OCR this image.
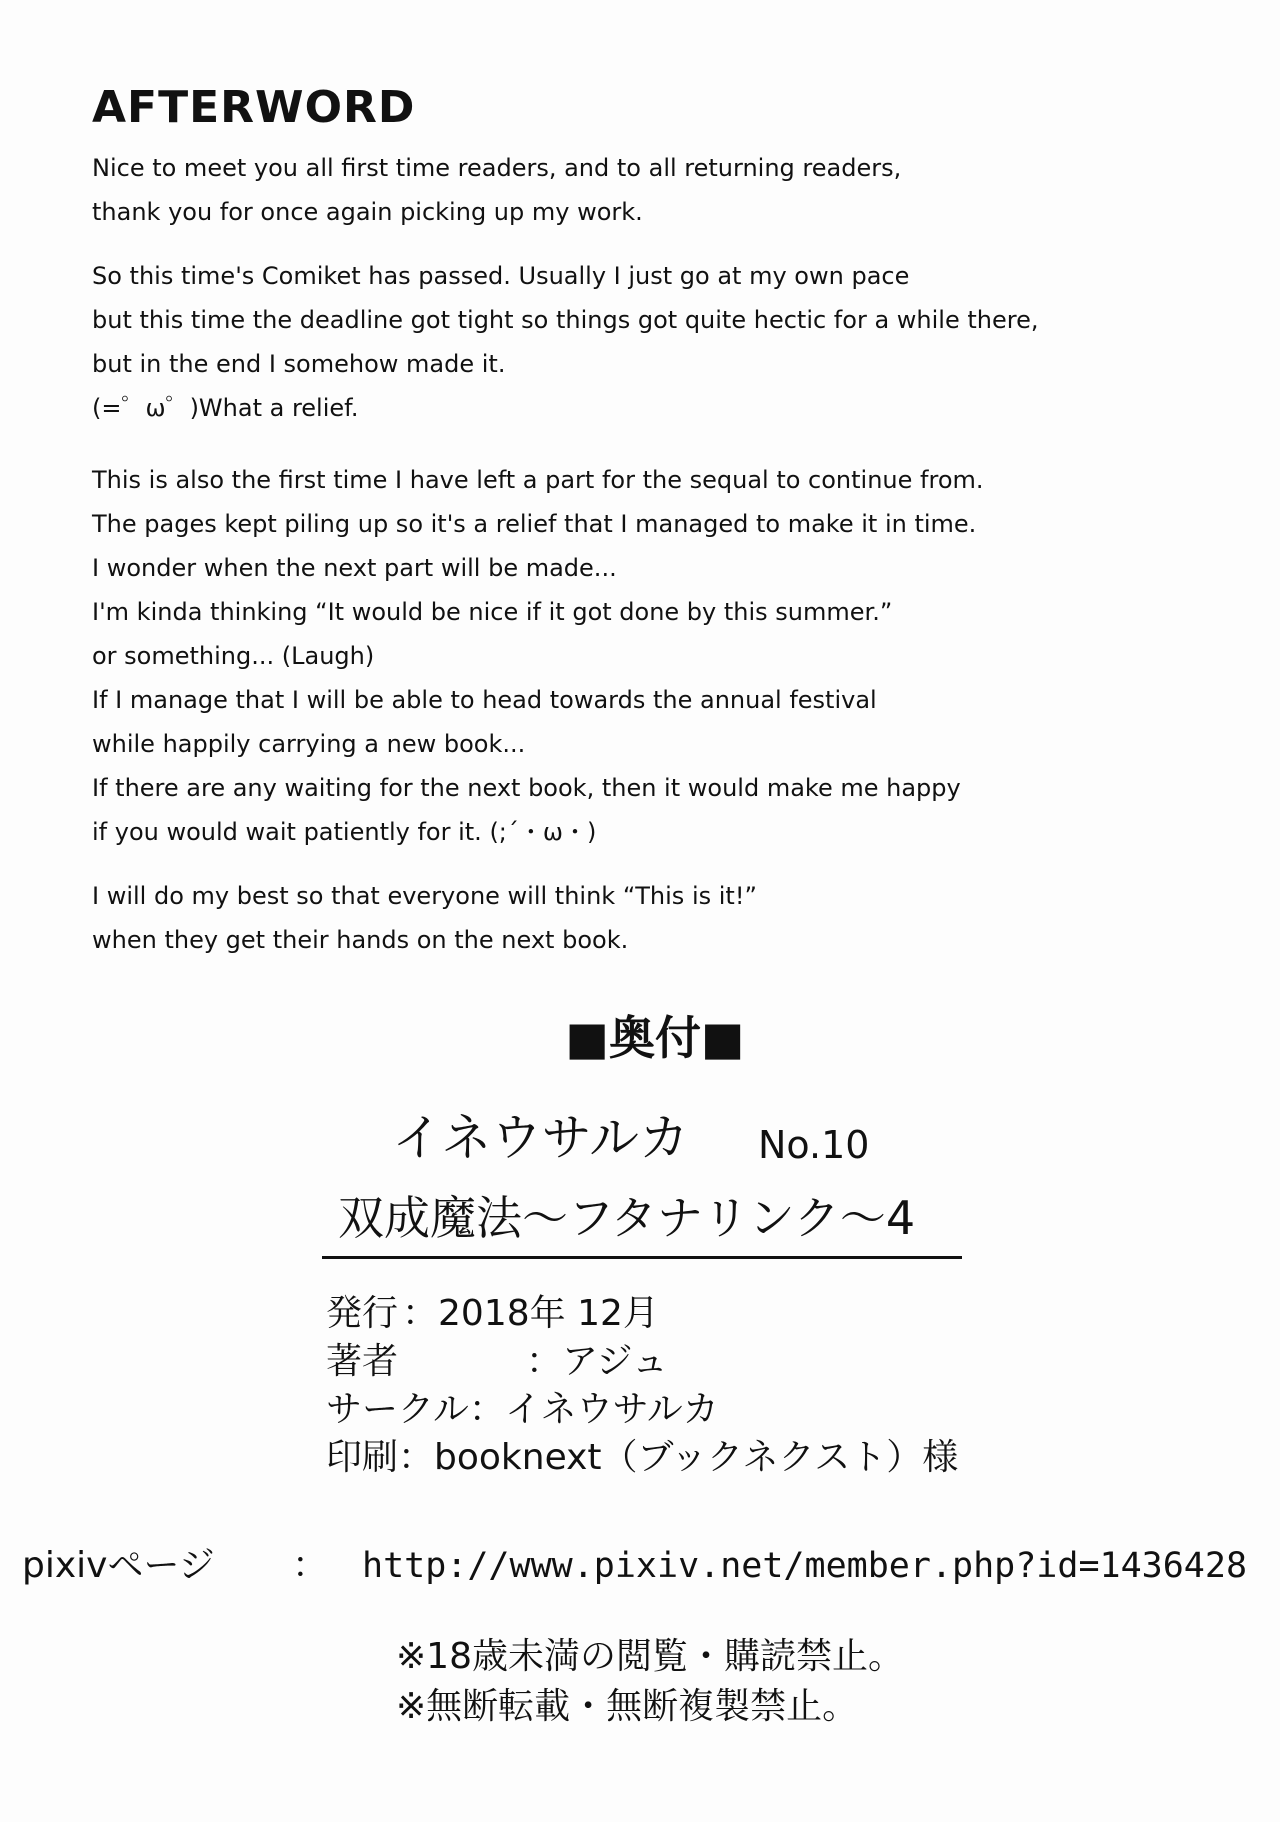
AFTERWORD

Nice to meet you all first time readers, and to all returning readers,
thank you for once again picking up my work.

So this time's Comiket has passed. Usually I just go at my own pace
but this time the deadline got tight so things got quite hectic for a while there,
but in the end I somehow made it.
(=゜ω゜)What a relief.

This is also the first time I have left a part for the sequal to continue from.
The pages kept piling up so it's a relief that I managed to make it in time.
I wonder when the next part will be made...
I'm kinda thinking “It would be nice if it got done by this summer.”
or something... (Laugh)
If I manage that I will be able to head towards the annual festival
while happily carrying a new book...
If there are any waiting for the next book, then it would make me happy
if you would wait patiently for it. (;´・ω・)

I will do my best so that everyone will think “This is it!”
when they get their hands on the next book.

■奥付■
イネウサルカ No.10
双成魔法～フタナリンク～4
発行 ：2018年 12月
著者	：アジュ
サークル：イネウサルカ
印刷：booknext（ブックネクスト）様
pixivページ ： http://www.pixiv.net/member.php?id=1436428
※18歳未満の閲覧・購読禁止。
※無断転載・無断複製禁止。
